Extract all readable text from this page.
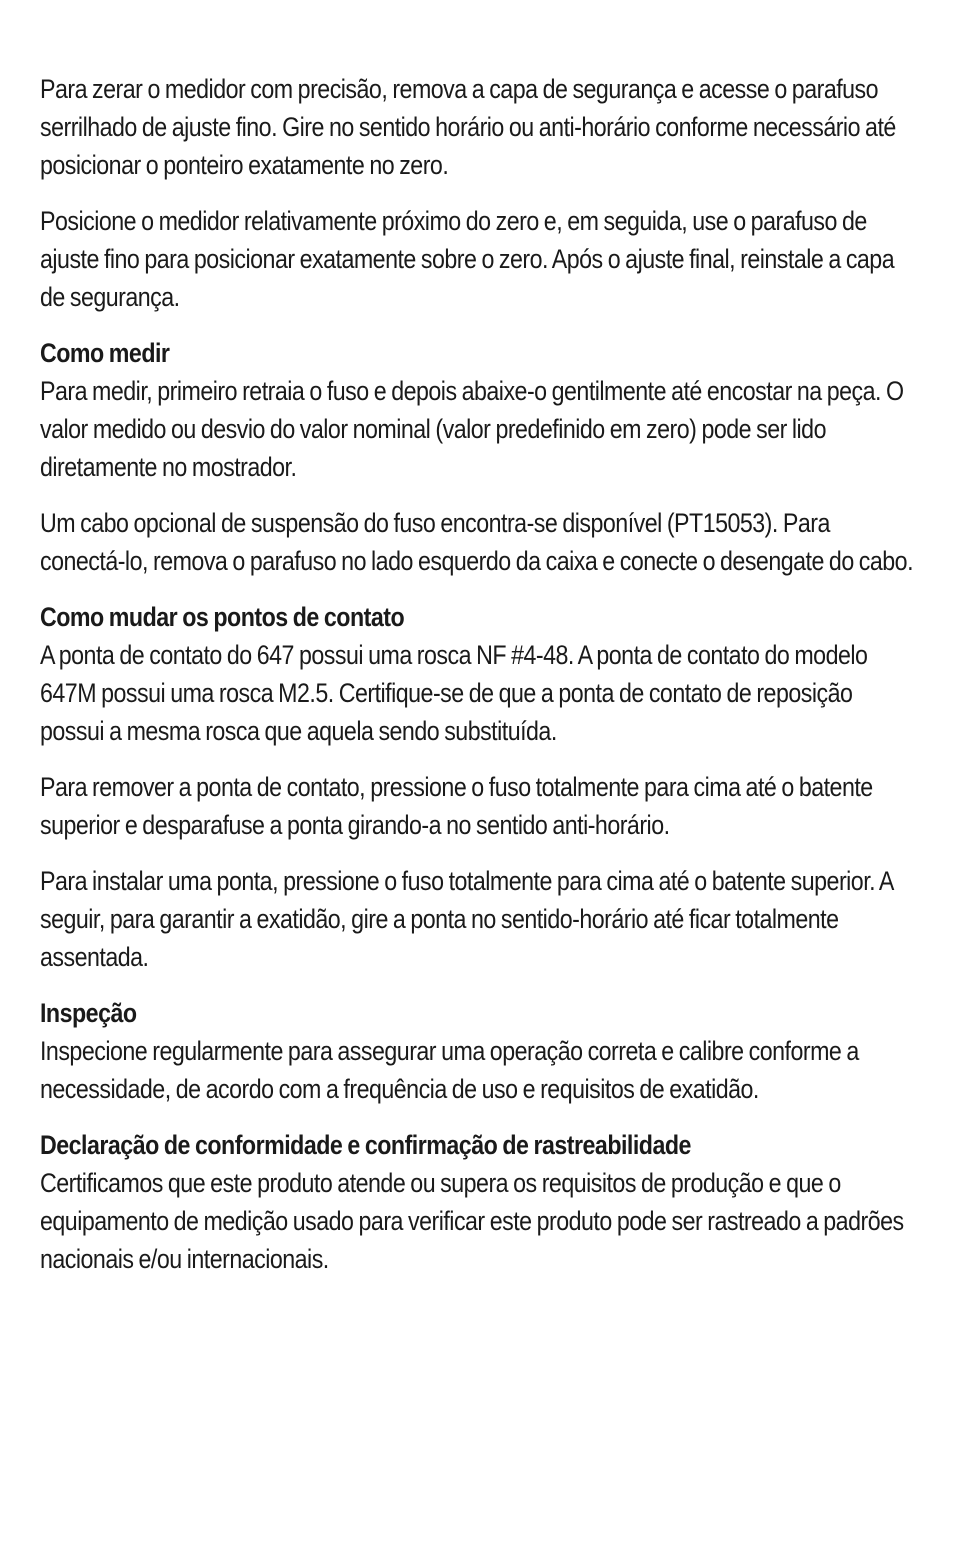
Para zerar o medidor com precisão, remova a capa de segurança e acesse o parafuso serrilhado de ajuste fino. Gire no sentido horário ou anti-horário conforme necessário até posicionar o ponteiro exatamente no zero.

Posicione o medidor relativamente próximo do zero e, em seguida, use o parafuso de ajuste fino para posicionar exatamente sobre o zero. Após o ajuste final, reinstale a capa de segurança.

Como medir

Para medir, primeiro retraia o fuso e depois abaixe-o gentilmente até encostar na peça. O valor medido ou desvio do valor nominal (valor predefinido em zero) pode ser lido diretamente no mostrador.

Um cabo opcional de suspensão do fuso encontra-se disponível (PT15053). Para conectá-lo, remova o parafuso no lado esquerdo da caixa e conecte o desengate do cabo.

Como mudar os pontos de contato

A ponta de contato do 647 possui uma rosca NF #4-48. A ponta de contato do modelo 647M possui uma rosca M2.5. Certifique-se de que a ponta de contato de reposição possui a mesma rosca que aquela sendo substituída.

Para remover a ponta de contato, pressione o fuso totalmente para cima até o batente superior e desparafuse a ponta girando-a no sentido anti-horário.

Para instalar uma ponta, pressione o fuso totalmente para cima até o batente superior. A seguir, para garantir a exatidão, gire a ponta no sentido-horário até ficar totalmente assentada.

Inspeção

Inspecione regularmente para assegurar uma operação correta e calibre conforme a necessidade, de acordo com a frequência de uso e requisitos de exatidão.

Declaração de conformidade e confirmação de rastreabilidade

Certificamos que este produto atende ou supera os requisitos de produção e que o equipamento de medição usado para verificar este produto pode ser rastreado a padrões nacionais e/ou internacionais.
